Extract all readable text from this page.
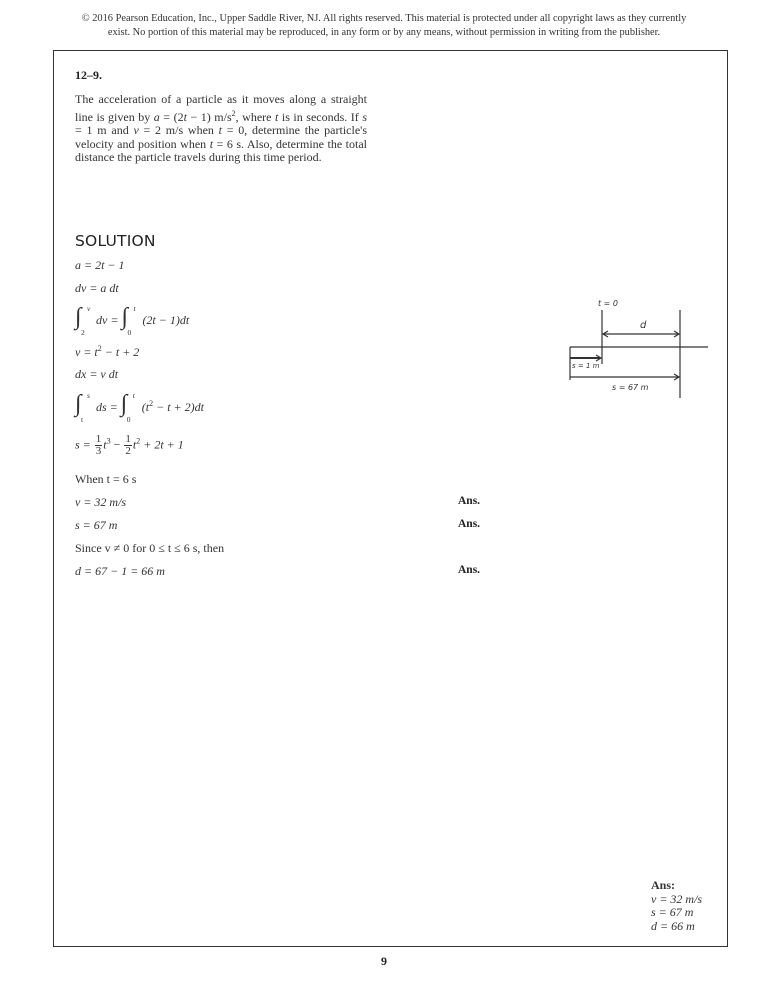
© 2016 Pearson Education, Inc., Upper Saddle River, NJ. All rights reserved. This material is protected under all copyright laws as they currently
exist. No portion of this material may be reproduced, in any form or by any means, without permission in writing from the publisher.
12–9.
The acceleration of a particle as it moves along a straight line is given by a = (2t − 1) $m/s^2$, where t is in seconds. If s = 1 m and v = 2 m/s when t = 0, determine the particle's velocity and position when t = 6 s. Also, determine the total distance the particle travels during this time period.
SOLUTION
a = 2t − 1
dv = a dt
∫ v
2
dv = ∫ t
0
(2t − 1)dt
$v = t^2 - t + 2$
dx = v dt
∫ s
t
ds = ∫ t
0
$(t^2 - t + 2)dt$
$s = \frac{1}{3} t^3 - \frac{1}{2} t^2 + 2t + 1$
When t = 6 s
v = 32 m/s	Ans.
s = 67 m	Ans.
Since v ≠ 0 for 0 ≤ t ≤ 6 s, then
d = 67 − 1 = 66 m	Ans.
t = 0
d
s = 1 m
s = 67 m
Ans:
v = 32 m/s
s = 67 m
d = 66 m
9
